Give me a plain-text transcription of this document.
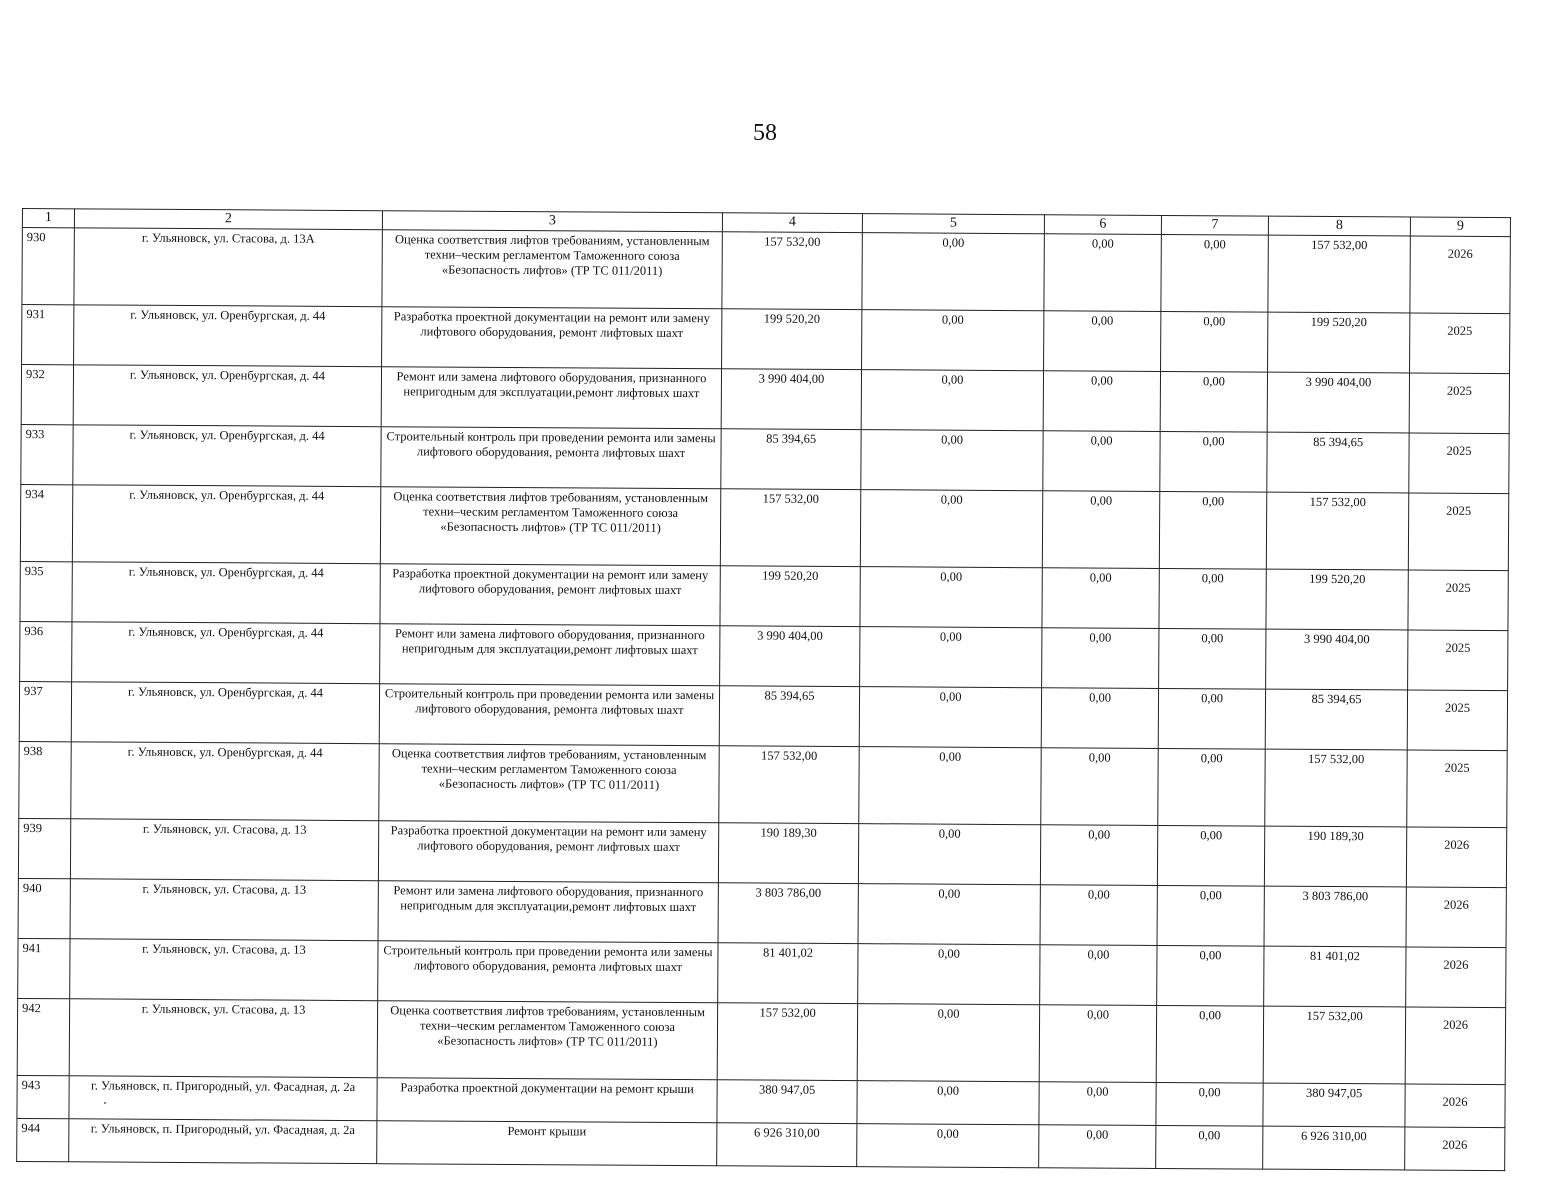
58
1	2	3	4	5	6	7	8	9
930	г. Ульяновск, ул. Стасова, д. 13А	Оценка соответствия лифтов требованиям, установленным техни–ческим регламентом Таможенного союза «Безопасность лифтов» (ТР ТС 011/2011)	157 532,00	0,00	0,00	0,00	157 532,00	2026
931	г. Ульяновск, ул. Оренбургская, д. 44	Разработка проектной документации на ремонт или замену лифтового оборудования, ремонт лифтовых шахт	199 520,20	0,00	0,00	0,00	199 520,20	2025
932	г. Ульяновск, ул. Оренбургская, д. 44	Ремонт или замена лифтового оборудования, признанного непригодным для эксплуатации,ремонт лифтовых шахт	3 990 404,00	0,00	0,00	0,00	3 990 404,00	2025
933	г. Ульяновск, ул. Оренбургская, д. 44	Строительный контроль при проведении ремонта или замены лифтового оборудования, ремонта лифтовых шахт	85 394,65	0,00	0,00	0,00	85 394,65	2025
934	г. Ульяновск, ул. Оренбургская, д. 44	Оценка соответствия лифтов требованиям, установленным техни–ческим регламентом Таможенного союза «Безопасность лифтов» (ТР ТС 011/2011)	157 532,00	0,00	0,00	0,00	157 532,00	2025
935	г. Ульяновск, ул. Оренбургская, д. 44	Разработка проектной документации на ремонт или замену лифтового оборудования, ремонт лифтовых шахт	199 520,20	0,00	0,00	0,00	199 520,20	2025
936	г. Ульяновск, ул. Оренбургская, д. 44	Ремонт или замена лифтового оборудования, признанного непригодным для эксплуатации,ремонт лифтовых шахт	3 990 404,00	0,00	0,00	0,00	3 990 404,00	2025
937	г. Ульяновск, ул. Оренбургская, д. 44	Строительный контроль при проведении ремонта или замены лифтового оборудования, ремонта лифтовых шахт	85 394,65	0,00	0,00	0,00	85 394,65	2025
938	г. Ульяновск, ул. Оренбургская, д. 44	Оценка соответствия лифтов требованиям, установленным техни–ческим регламентом Таможенного союза «Безопасность лифтов» (ТР ТС 011/2011)	157 532,00	0,00	0,00	0,00	157 532,00	2025
939	г. Ульяновск, ул. Стасова, д. 13	Разработка проектной документации на ремонт или замену лифтового оборудования, ремонт лифтовых шахт	190 189,30	0,00	0,00	0,00	190 189,30	2026
940	г. Ульяновск, ул. Стасова, д. 13	Ремонт или замена лифтового оборудования, признанного непригодным для эксплуатации,ремонт лифтовых шахт	3 803 786,00	0,00	0,00	0,00	3 803 786,00	2026
941	г. Ульяновск, ул. Стасова, д. 13	Строительный контроль при проведении ремонта или замены лифтового оборудования, ремонта лифтовых шахт	81 401,02	0,00	0,00	0,00	81 401,02	2026
942	г. Ульяновск, ул. Стасова, д. 13	Оценка соответствия лифтов требованиям, установленным техни–ческим регламентом Таможенного союза «Безопасность лифтов» (ТР ТС 011/2011)	157 532,00	0,00	0,00	0,00	157 532,00	2026
943	г. Ульяновск, п. Пригородный, ул. Фасадная, д. 2а	Разработка проектной документации на ремонт крыши	380 947,05	0,00	0,00	0,00	380 947,05	2026
944	г. Ульяновск, п. Пригородный, ул. Фасадная, д. 2а	Ремонт крыши	6 926 310,00	0,00	0,00	0,00	6 926 310,00	2026
